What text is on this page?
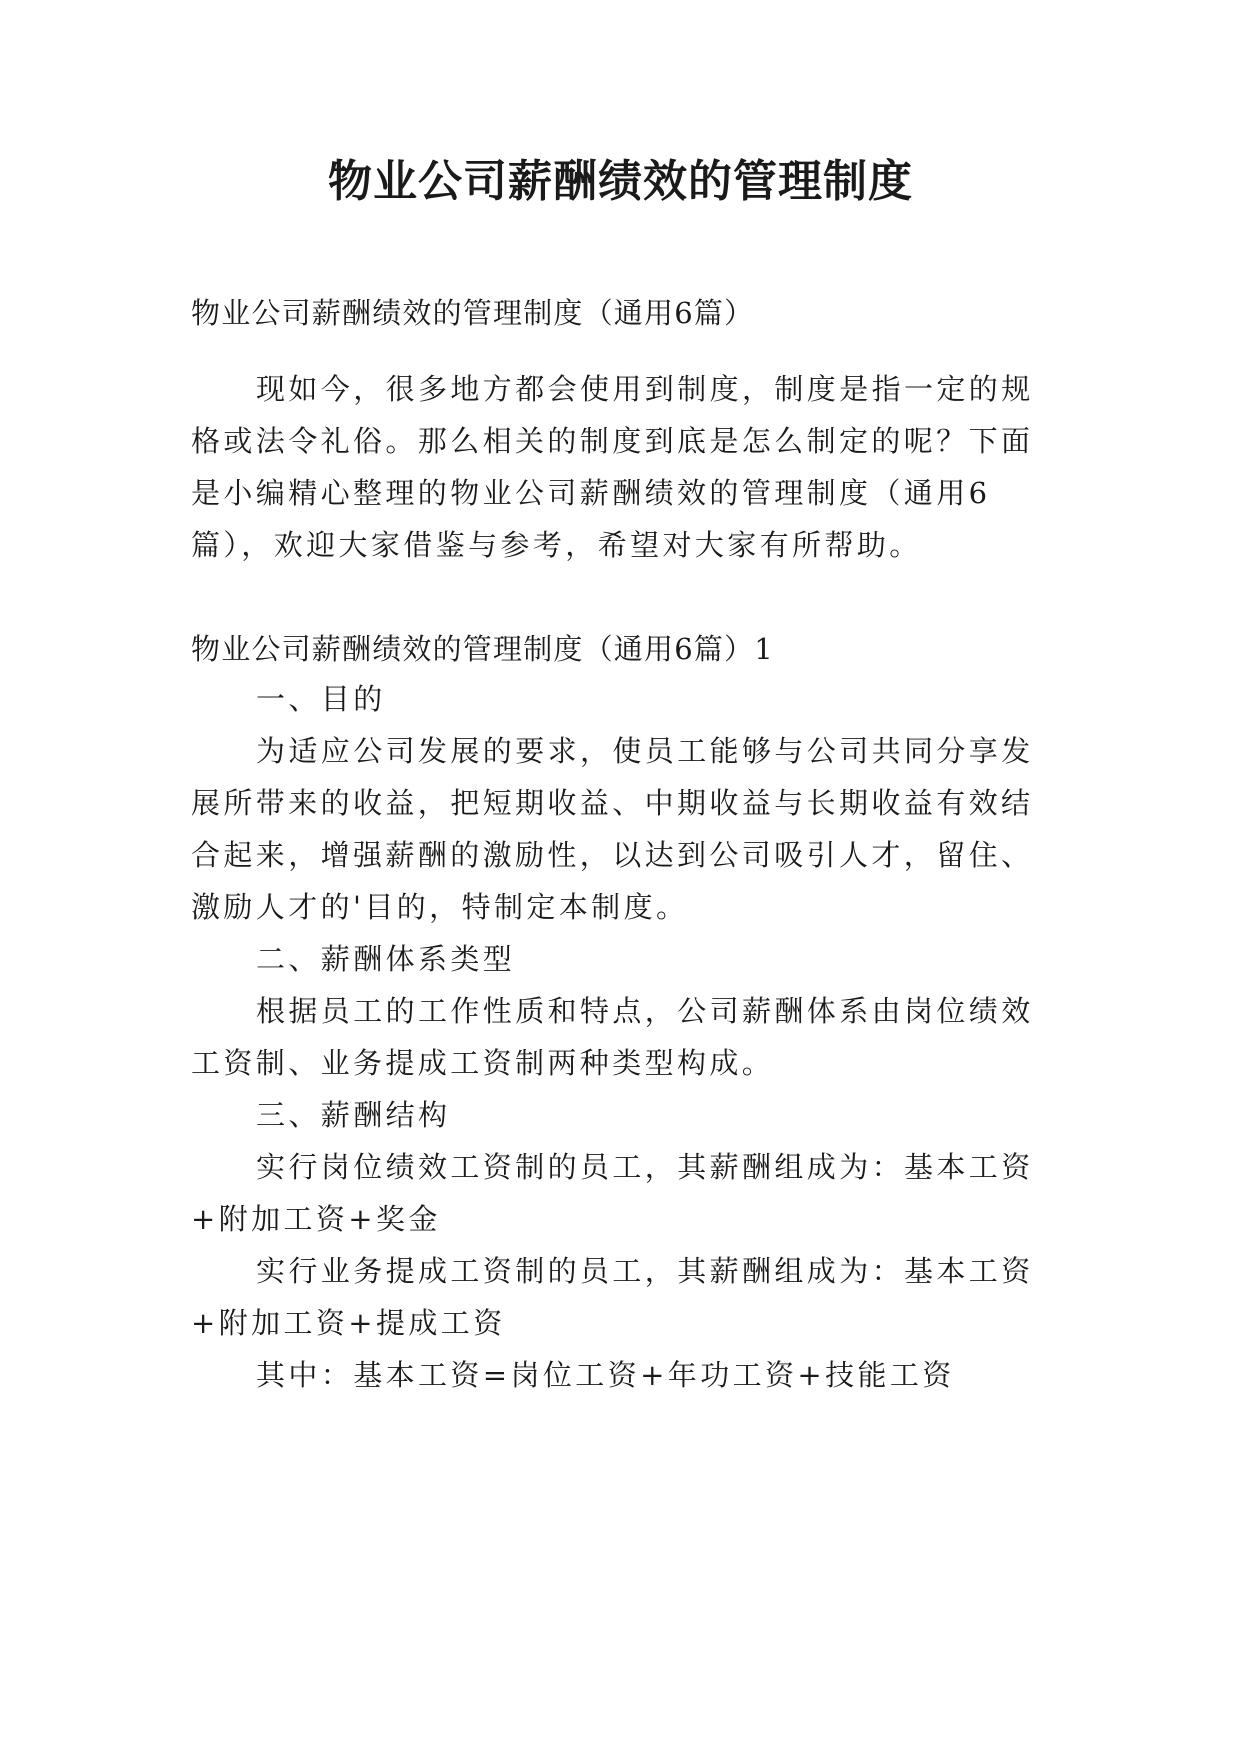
物业公司薪酬绩效的管理制度

物业公司薪酬绩效的管理制度（通用6篇）

现如今，很多地方都会使用到制度，制度是指一定的规

格或法令礼俗。那么相关的制度到底是怎么制定的呢？下面

是小编精心整理的物业公司薪酬绩效的管理制度（通用6

篇），欢迎大家借鉴与参考，希望对大家有所帮助。

物业公司薪酬绩效的管理制度（通用6篇）1

一、目的

为适应公司发展的要求，使员工能够与公司共同分享发

展所带来的收益，把短期收益、中期收益与长期收益有效结

合起来，增强薪酬的激励性，以达到公司吸引人才，留住、

激励人才的'目的，特制定本制度。

二、薪酬体系类型

根据员工的工作性质和特点，公司薪酬体系由岗位绩效

工资制、业务提成工资制两种类型构成。

三、薪酬结构

实行岗位绩效工资制的员工，其薪酬组成为：基本工资

+附加工资+奖金

实行业务提成工资制的员工，其薪酬组成为：基本工资

+附加工资+提成工资

其中：基本工资=岗位工资+年功工资+技能工资
